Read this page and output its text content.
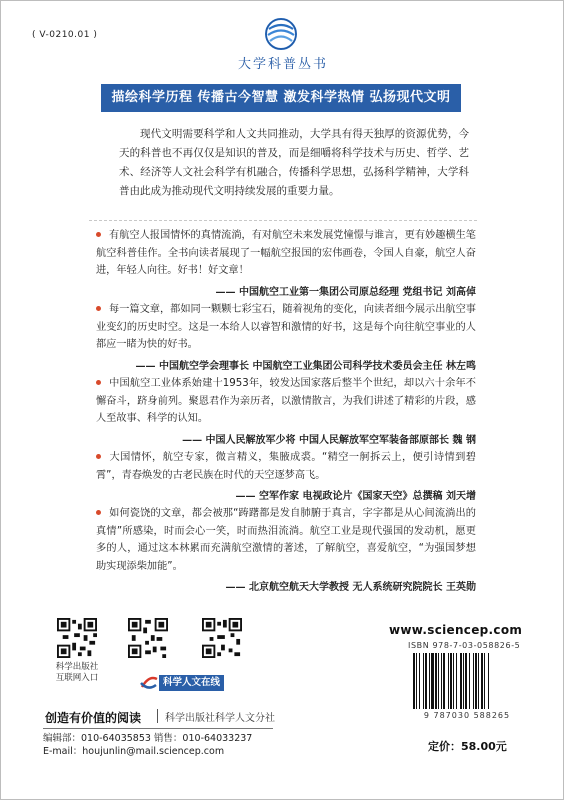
( V-0210.01 )
大学科普丛书
描绘科学历程 传播古今智慧 激发科学热情 弘扬现代文明
现代文明需要科学和人文共同推动，大学具有得天独厚的资源优势，今天的科普也不再仅仅是知识的普及，而是细嚼将科学技术与历史、哲学、艺术、经济等人文社会科学有机融合，传播科学思想，弘扬科学精神，大学科普由此成为推动现代文明持续发展的重要力量。
有航空人报国情怀的真情流淌，有对航空未来发展党憧憬与谁言，更有妙趣横生笔航空科普佳作。全书向读者展现了一幅航空报国的宏伟画卷，令国人自豪，航空人奋进，年轻人向往。好书！好文章！
—— 中国航空工业第一集团公司原总经理 党组书记 刘高倬
每一篇文章，都如同一颗颗七彩宝石，随着视角的变化，向读者细今展示出航空事业变幻的历史时空。这是一本给人以睿智和激情的好书，这是每个向往航空事业的人都应一睹为快的好书。
—— 中国航空学会理事长 中国航空工业集团公司科学技术委员会主任 林左鸣
中国航空工业体系始建十1953年，较发达国家落后整半个世纪，却以六十余年不懈奋斗，跻身前列。聚恩君作为亲历者，以激情散言，为我们讲述了精彩的片段，感人至故事、科学的认知。
—— 中国人民解放军少将 中国人民解放军空军装备部原部长 魏 钢
大国情怀，航空专家，微言精义，集腋成裘。“精空一舸拆云上，便引诗情到碧霄”，青春焕发的古老民族在时代的天空逐梦高飞。
—— 空军作家 电视政论片《国家天空》总撰稿 刘天增
如何瓷饶的文章，都会被那“踌躇都是发自肺腑于真言，字字都是从心间流淌出的真情”所感染，时而会心一笑，时而热泪流淌。航空工业是现代强国的发动机，愿更多的人，通过这本林累而充满航空激情的著述，了解航空，喜爱航空，“为强国梦想助实现添柴加能”。
—— 北京航空航天大学教授 无人系统研究院院长 王英勋
科学出版社
互联网入口	科学人文在线
www.sciencep.com
ISBN 978-7-03-058826-5
9 787030 588265
创造有价值的阅读 科学出版社科学人文分社
编辑部：010-64035853 销售：010-64033237
E-mail：houjunlin@mail.sciencep.com	定价：58.00元
